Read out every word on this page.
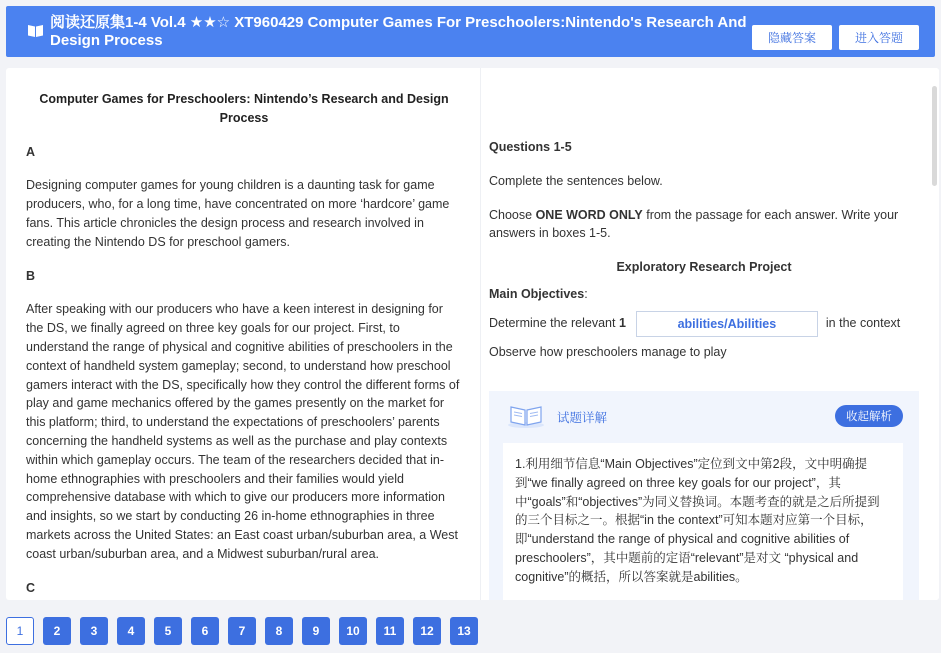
阅读还原集1-4 Vol.4 ★★☆ XT960429 Computer Games For Preschoolers:Nintendo's Research And Design Process	隐藏答案	进入答题
Computer Games for Preschoolers: Nintendo’s Research and Design Process
A
Designing computer games for young children is a daunting task for game producers, who, for a long time, have concentrated on more ‘hardcore’ game fans. This article chronicles the design process and research involved in creating the Nintendo DS for preschool gamers.
B
After speaking with our producers who have a keen interest in designing for the DS, we finally agreed on three key goals for our project. First, to understand the range of physical and cognitive abilities of preschoolers in the context of handheld system gameplay; second, to understand how preschool gamers interact with the DS, specifically how they control the different forms of play and game mechanics offered by the games presently on the market for this platform; third, to understand the expectations of preschoolers’ parents concerning the handheld systems as well as the purchase and play contexts within which gameplay occurs. The team of the researchers decided that in-home ethnographies with preschoolers and their families would yield comprehensive database with which to give our producers more information and insights, so we start by conducting 26 in-home ethnographies in three markets across the United States: an East coast urban/suburban area, a West coast urban/suburban area, and a Midwest suburban/rural area.
C
Questions 1-5

Complete the sentences below.

Choose ONE WORD ONLY from the passage for each answer. Write your answers in boxes 1-5.

Exploratory Research Project
Main Objectives:
Determine the relevant 1	abilities/Abilities	in the context
Observe how preschoolers manage to play
试题详解	收起解析
1.利用细节信息“Main Objectives”定位到文中第2段，文中明确提到“we finally agreed on three key goals for our project”，其中“goals”和“objectives”为同义替换词。本题考查的就是之后所提到的三个目标之一。根据“in the context”可知本题对应第一个目标，即“understand the range of physical and cognitive abilities of preschoolers”，其中题前的定语“relevant”是对文 “physical and cognitive”的概括，所以答案就是abilities。
1	2	3	4	5	6	7	8	9	10	11	12	13
